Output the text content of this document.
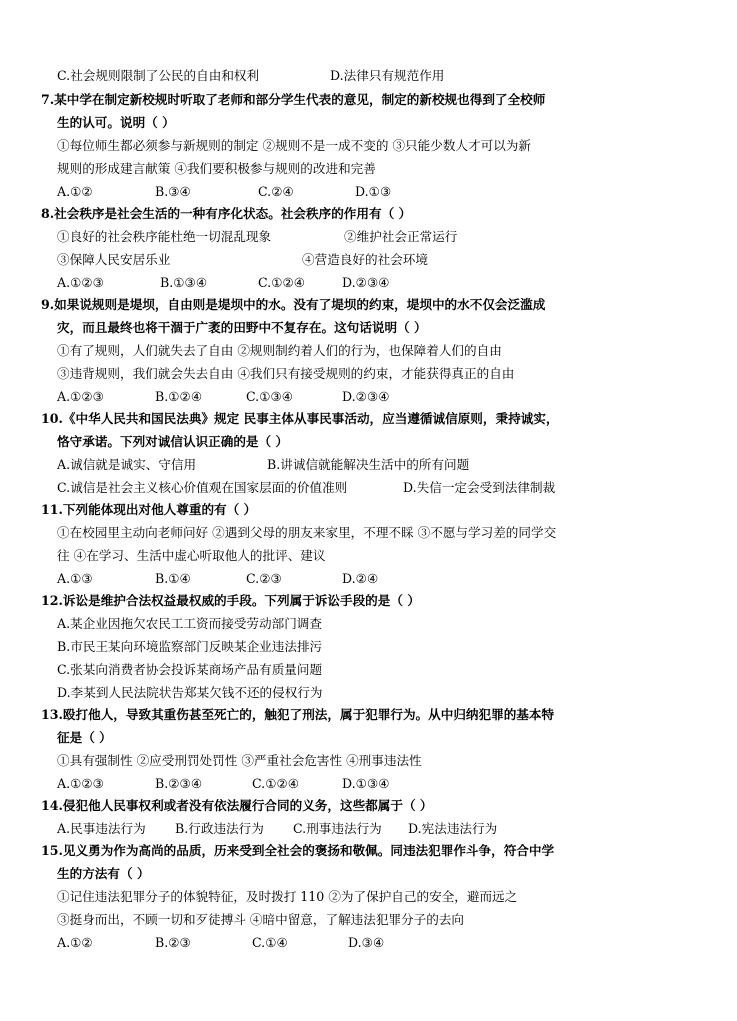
C.社会规则限制了公民的自由和权利	D.法律只有规范作用
7.某中学在制定新校规时听取了老师和部分学生代表的意见，制定的新校规也得到了全校师
生的认可。说明（ ）
①每位师生都必须参与新规则的制定 ②规则不是一成不变的 ③只能少数人才可以为新
规则的形成建言献策 ④我们要积极参与规则的改进和完善
A.①②	B.③④	C.②④	D.①③
8.社会秩序是社会生活的一种有序化状态。社会秩序的作用有（ ）
①良好的社会秩序能杜绝一切混乱现象	②维护社会正常运行
③保障人民安居乐业	④营造良好的社会环境
A.①②③	B.①③④	C.①②④	D.②③④
9.如果说规则是堤坝，自由则是堤坝中的水。没有了堤坝的约束，堤坝中的水不仅会泛滥成
灾，而且最终也将干涸于广袤的田野中不复存在。这句话说明（ ）
①有了规则，人们就失去了自由 ②规则制约着人们的行为，也保障着人们的自由
③违背规则，我们就会失去自由 ④我们只有接受规则的约束，才能获得真正的自由
A.①②③	B.①②④	C.①③④	D.②③④
10.《中华人民共和国民法典》规定 民事主体从事民事活动，应当遵循诚信原则，秉持诚实，
恪守承诺。下列对诚信认识正确的是（ ）
A.诚信就是诚实、守信用	B.讲诚信就能解决生活中的所有问题
C.诚信是社会主义核心价值观在国家层面的价值准则	D.失信一定会受到法律制裁
11.下列能体现出对他人尊重的有（ ）
①在校园里主动向老师问好 ②遇到父母的朋友来家里，不理不睬 ③不愿与学习差的同学交
往 ④在学习、生活中虚心听取他人的批评、建议
A.①③	B.①④	C.②③	D.②④
12.诉讼是维护合法权益最权威的手段。下列属于诉讼手段的是（ ）
A.某企业因拖欠农民工工资而接受劳动部门调查
B.市民王某向环境监察部门反映某企业违法排污
C.张某向消费者协会投诉某商场产品有质量问题
D.李某到人民法院状告郑某欠钱不还的侵权行为
13.殴打他人，导致其重伤甚至死亡的，触犯了刑法，属于犯罪行为。从中归纳犯罪的基本特
征是（ ）
①具有强制性 ②应受刑罚处罚性 ③严重社会危害性 ④刑事违法性
A.①②③	B.②③④	C.①②④	D.①③④
14.侵犯他人民事权利或者没有依法履行合同的义务，这些都属于（ ）
A.民事违法行为 B.行政违法行为 C.刑事违法行为 D.宪法违法行为
15.见义勇为作为高尚的品质，历来受到全社会的褒扬和敬佩。同违法犯罪作斗争，符合中学
生的方法有（ ）
①记住违法犯罪分子的体貌特征，及时拨打 110 ②为了保护自己的安全，避而远之
③挺身而出，不顾一切和歹徒搏斗 ④暗中留意，了解违法犯罪分子的去向
A.①②	B.②③	C.①④	D.③④
